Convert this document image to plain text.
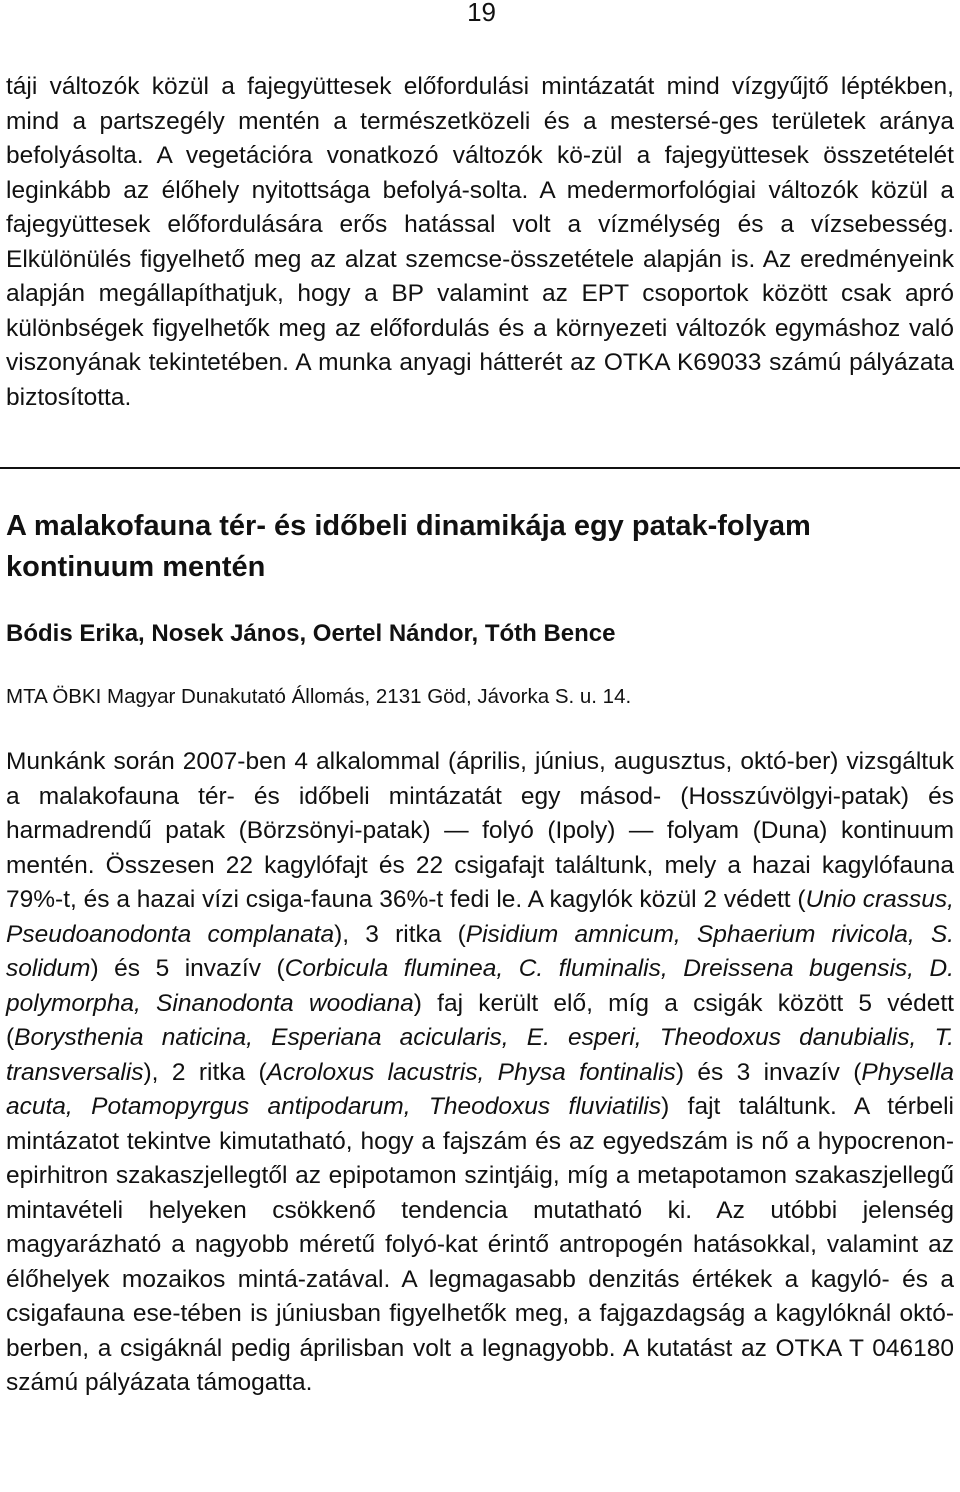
19

táji változók közül a fajegyüttesek előfordulási mintázatát mind vízgyűjtő léptékben, mind a partszegély mentén a természetközeli és a mestersé-ges területek aránya befolyásolta. A vegetációra vonatkozó változók kö-zül a fajegyüttesek összetételét leginkább az élőhely nyitottsága befolyá-solta. A medermorfológiai változók közül a fajegyüttesek előfordulására erős hatással volt a vízmélység és a vízsebesség. Elkülönülés figyelhető meg az alzat szemcse-összetétele alapján is. Az eredményeink alapján megállapíthatjuk, hogy a BP valamint az EPT csoportok között csak apró különbségek figyelhetők meg az előfordulás és a környezeti változók egymáshoz való viszonyának tekintetében. A munka anyagi hátterét az OTKA K69033 számú pályázata biztosította.

A malakofauna tér- és időbeli dinamikája egy patak-folyam kontinuum mentén
Bódis Erika, Nosek János, Oertel Nándor, Tóth Bence
MTA ÖBKI Magyar Dunakutató Állomás, 2131 Göd, Jávorka S. u. 14.

Munkánk során 2007-ben 4 alkalommal (április, június, augusztus, októ-ber) vizsgáltuk a malakofauna tér- és időbeli mintázatát egy másod- (Hosszúvölgyi-patak) és harmadrendű patak (Börzsönyi-patak) — folyó (Ipoly) — folyam (Duna) kontinuum mentén. Összesen 22 kagylófajt és 22 csigafajt találtunk, mely a hazai kagylófauna 79%-t, és a hazai vízi csiga-fauna 36%-t fedi le. A kagylók közül 2 védett (Unio crassus, Pseudoanodonta complanata), 3 ritka (Pisidium amnicum, Sphaerium rivicola, S. solidum) és 5 invazív (Corbicula fluminea, C. fluminalis, Dreissena bugensis, D. polymorpha, Sinanodonta woodiana) faj került elő, míg a csigák között 5 védett (Borysthenia naticina, Esperiana acicularis, E. esperi, Theodoxus danubialis, T. transversalis), 2 ritka (Acroloxus lacustris, Physa fontinalis) és 3 invazív (Physella acuta, Potamopyrgus antipodarum, Theodoxus fluviatilis) fajt találtunk. A térbeli mintázatot tekintve kimutatható, hogy a fajszám és az egyedszám is nő a hypocrenon-epirhitron szakaszjellegtől az epipotamon szintjáig, míg a metapotamon szakaszjellegű mintavételi helyeken csökkenő tendencia mutatható ki. Az utóbbi jelenség magyarázható a nagyobb méretű folyó-kat érintő antropogén hatásokkal, valamint az élőhelyek mozaikos mintá-zatával. A legmagasabb denzitás értékek a kagyló- és a csigafauna ese-tében is júniusban figyelhetők meg, a fajgazdagság a kagylóknál októ-berben, a csigáknál pedig áprilisban volt a legnagyobb. A kutatást az OTKA T 046180 számú pályázata támogatta.
